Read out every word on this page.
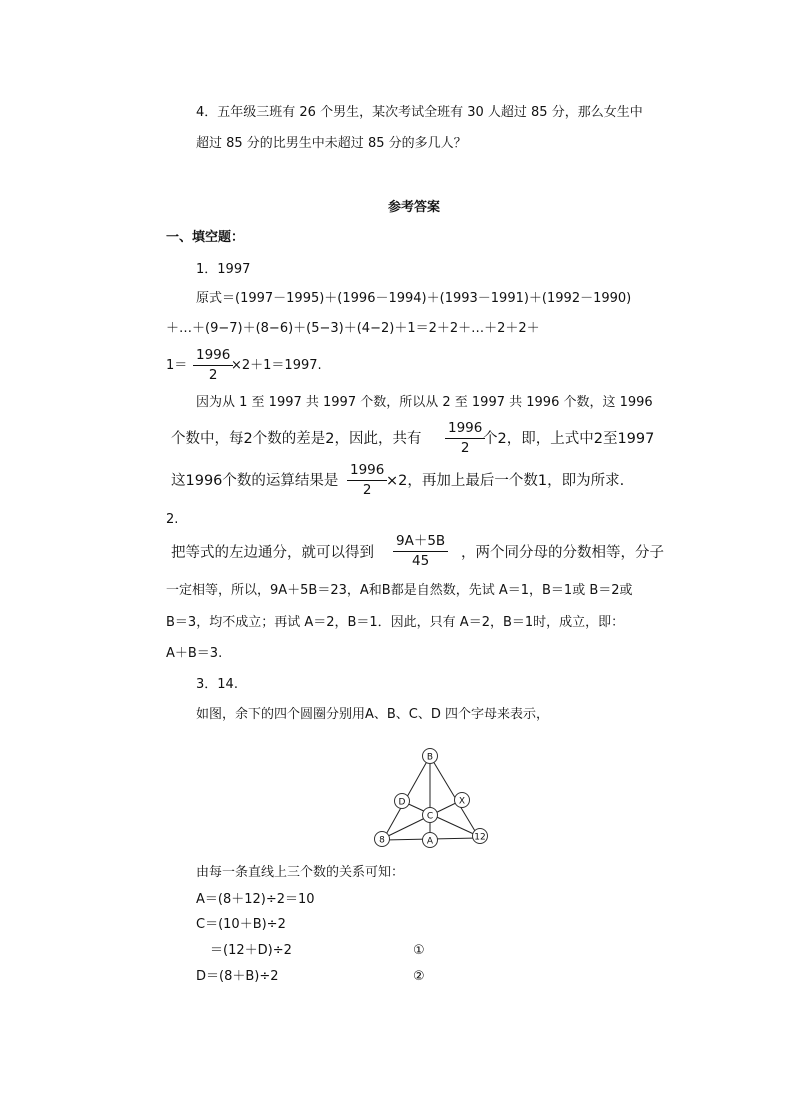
4．五年级三班有 26 个男生，某次考试全班有 30 人超过 85 分，那么女生中
超过 85 分的比男生中未超过 85 分的多几人？
参考答案
一、填空题：
1．1997
原式＝(1997－1995)＋(1996－1994)＋(1993－1991)＋(1992－1990)
＋…＋(9−7)＋(8−6)＋(5−3)＋(4−2)＋1＝2＋2＋…＋2＋2＋
1＝
1996
2
×2＋1＝1997.
因为从 1 至 1997 共 1997 个数，所以从 2 至 1997 共 1996 个数，这 1996
个数中，每2个数的差是2，因此，共有
1996
2
个2，即，上式中2至1997
这1996个数的运算结果是
1996
2
×2，再加上最后一个数1，即为所求.
2.
把等式的左边通分，就可以得到
9A＋5B
45	，两个同分母的分数相等，分子
一定相等，所以，9A＋5B＝23，A和B都是自然数，先试 A＝1，B＝1或 B＝2或
B＝3，均不成立；再试 A＝2，B＝1．因此，只有 A＝2，B＝1时，成立，即：
A＋B＝3.
3．14.
如图，余下的四个圆圈分别用A、B、C、D 四个字母来表示，
B
D
C
X
8	A	12
由每一条直线上三个数的关系可知：
A＝(8＋12)÷2＝10
C＝(10＋B)÷2
＝(12＋D)÷2	①
D＝(8＋B)÷2	②
